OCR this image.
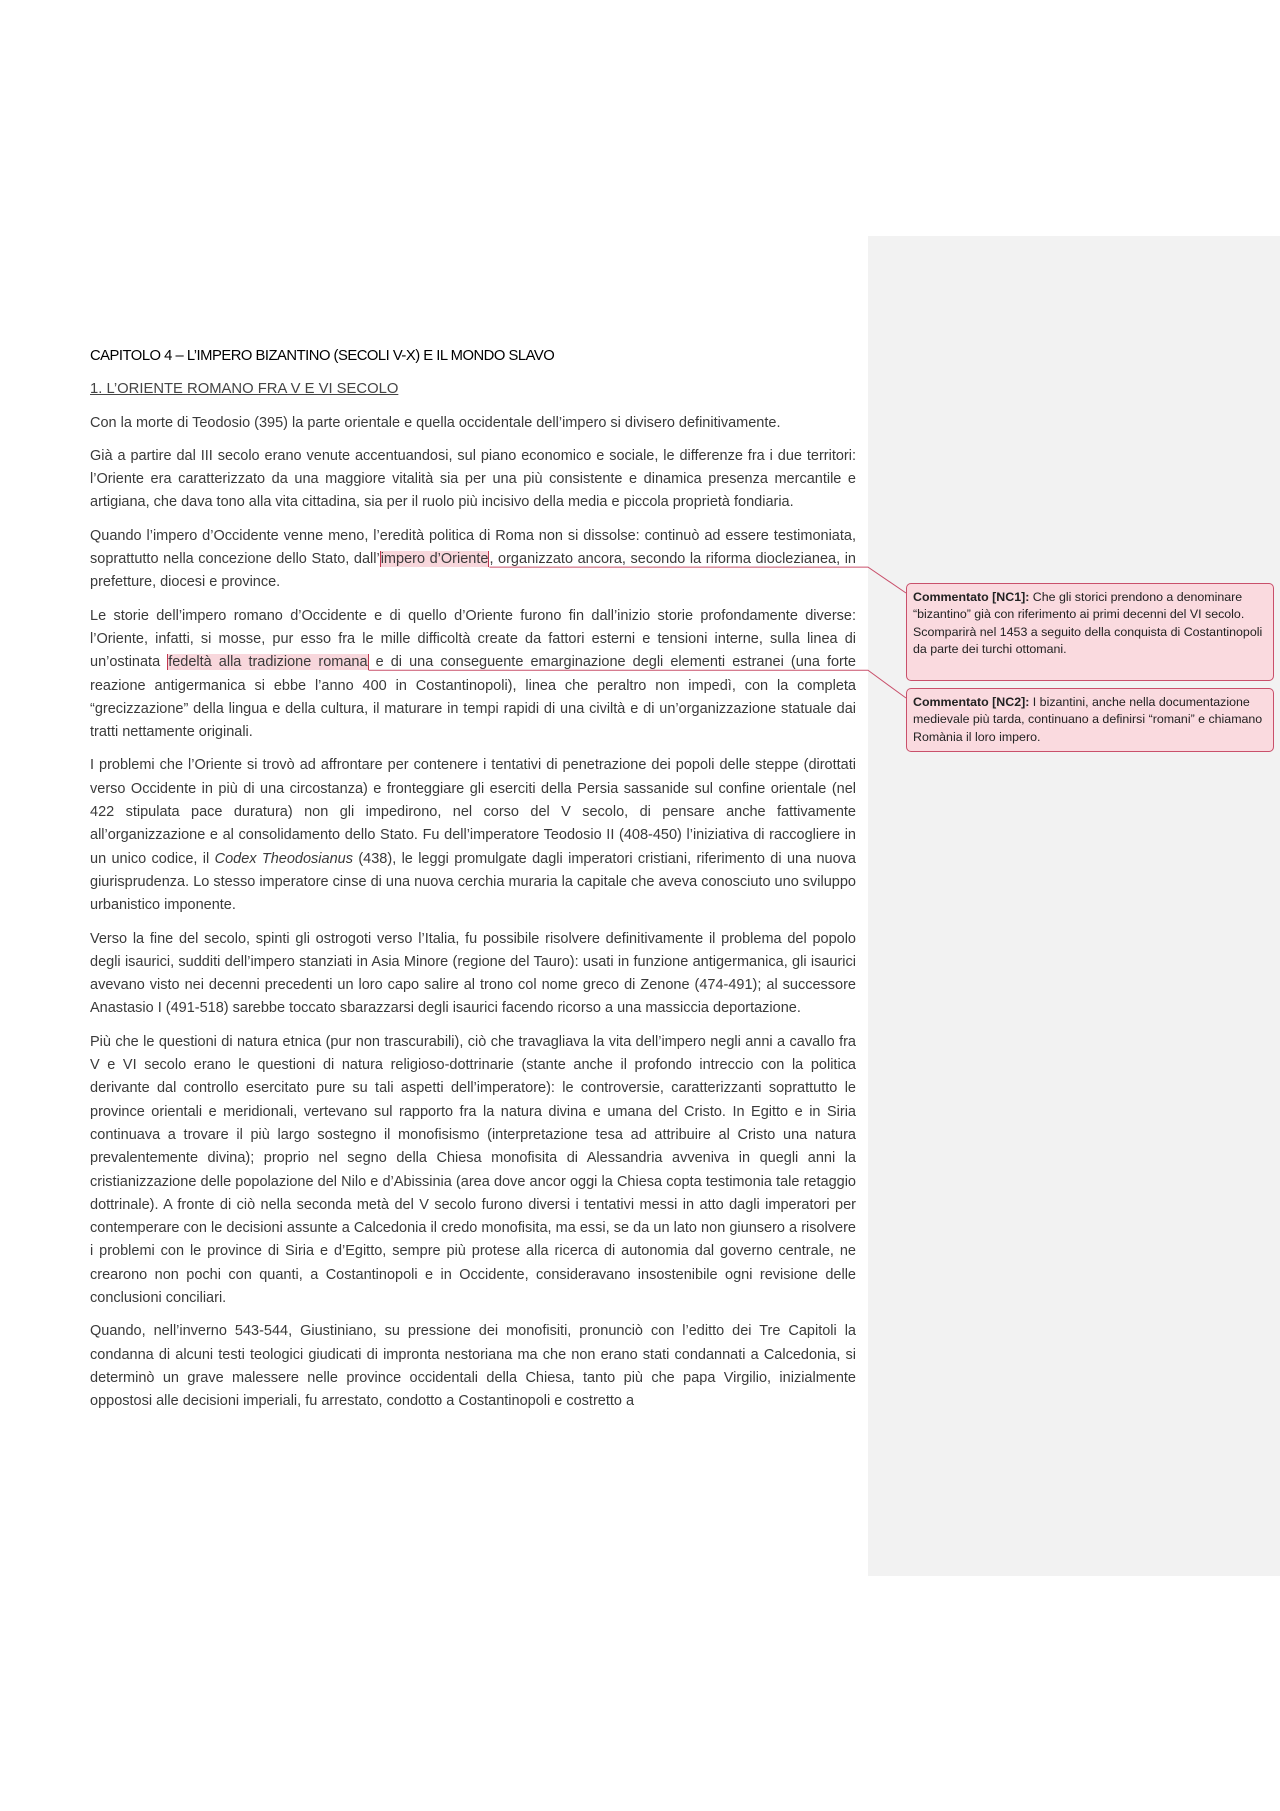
CAPITOLO 4 – L’IMPERO BIZANTINO (SECOLI V-X) E IL MONDO SLAVO
1. L’ORIENTE ROMANO FRA V E VI SECOLO

Con la morte di Teodosio (395) la parte orientale e quella occidentale dell’impero si divisero definitivamente.

Già a partire dal III secolo erano venute accentuandosi, sul piano economico e sociale, le differenze fra i due territori: l’Oriente era caratterizzato da una maggiore vitalità sia per una più consistente e dinamica presenza mercantile e artigiana, che dava tono alla vita cittadina, sia per il ruolo più incisivo della media e piccola proprietà fondiaria.

Quando l’impero d’Occidente venne meno, l’eredità politica di Roma non si dissolse: continuò ad essere testimoniata, soprattutto nella concezione dello Stato, dall’impero d’Oriente, organizzato ancora, secondo la riforma dioclezianea, in prefetture, diocesi e province.

Le storie dell’impero romano d’Occidente e di quello d’Oriente furono fin dall’inizio storie profondamente diverse: l’Oriente, infatti, si mosse, pur esso fra le mille difficoltà create da fattori esterni e tensioni interne, sulla linea di un’ostinata fedeltà alla tradizione romana e di una conseguente emarginazione degli elementi estranei (una forte reazione antigermanica si ebbe l’anno 400 in Costantinopoli), linea che peraltro non impedì, con la completa “grecizzazione” della lingua e della cultura, il maturare in tempi rapidi di una civiltà e di un’organizzazione statuale dai tratti nettamente originali.

I problemi che l’Oriente si trovò ad affrontare per contenere i tentativi di penetrazione dei popoli delle steppe (dirottati verso Occidente in più di una circostanza) e fronteggiare gli eserciti della Persia sassanide sul confine orientale (nel 422 stipulata pace duratura) non gli impedirono, nel corso del V secolo, di pensare anche fattivamente all’organizzazione e al consolidamento dello Stato. Fu dell’imperatore Teodosio II (408-450) l’iniziativa di raccogliere in un unico codice, il Codex Theodosianus (438), le leggi promulgate dagli imperatori cristiani, riferimento di una nuova giurisprudenza. Lo stesso imperatore cinse di una nuova cerchia muraria la capitale che aveva conosciuto uno sviluppo urbanistico imponente.

Verso la fine del secolo, spinti gli ostrogoti verso l’Italia, fu possibile risolvere definitivamente il problema del popolo degli isaurici, sudditi dell’impero stanziati in Asia Minore (regione del Tauro): usati in funzione antigermanica, gli isaurici avevano visto nei decenni precedenti un loro capo salire al trono col nome greco di Zenone (474-491); al successore Anastasio I (491-518) sarebbe toccato sbarazzarsi degli isaurici facendo ricorso a una massiccia deportazione.

Più che le questioni di natura etnica (pur non trascurabili), ciò che travagliava la vita dell’impero negli anni a cavallo fra V e VI secolo erano le questioni di natura religioso-dottrinarie (stante anche il profondo intreccio con la politica derivante dal controllo esercitato pure su tali aspetti dell’imperatore): le controversie, caratterizzanti soprattutto le province orientali e meridionali, vertevano sul rapporto fra la natura divina e umana del Cristo. In Egitto e in Siria continuava a trovare il più largo sostegno il monofisismo (interpretazione tesa ad attribuire al Cristo una natura prevalentemente divina); proprio nel segno della Chiesa monofisita di Alessandria avveniva in quegli anni la cristianizzazione delle popolazione del Nilo e d’Abissinia (area dove ancor oggi la Chiesa copta testimonia tale retaggio dottrinale). A fronte di ciò nella seconda metà del V secolo furono diversi i tentativi messi in atto dagli imperatori per contemperare con le decisioni assunte a Calcedonia il credo monofisita, ma essi, se da un lato non giunsero a risolvere i problemi con le province di Siria e d’Egitto, sempre più protese alla ricerca di autonomia dal governo centrale, ne crearono non pochi con quanti, a Costantinopoli e in Occidente, consideravano insostenibile ogni revisione delle conclusioni conciliari.

Quando, nell’inverno 543-544, Giustiniano, su pressione dei monofisiti, pronunciò con l’editto dei Tre Capitoli la condanna di alcuni testi teologici giudicati di impronta nestoriana ma che non erano stati condannati a Calcedonia, si determinò un grave malessere nelle province occidentali della Chiesa, tanto più che papa Virgilio, inizialmente oppostosi alle decisioni imperiali, fu arrestato, condotto a Costantinopoli e costretto a

Commentato [NC1]: Che gli storici prendono a denominare “bizantino” già con riferimento ai primi decenni del VI secolo.
Scomparirà nel 1453 a seguito della conquista di Costantinopoli da parte dei turchi ottomani.
Commentato [NC2]: I bizantini, anche nella documentazione medievale più tarda, continuano a definirsi “romani” e chiamano Romània il loro impero.
